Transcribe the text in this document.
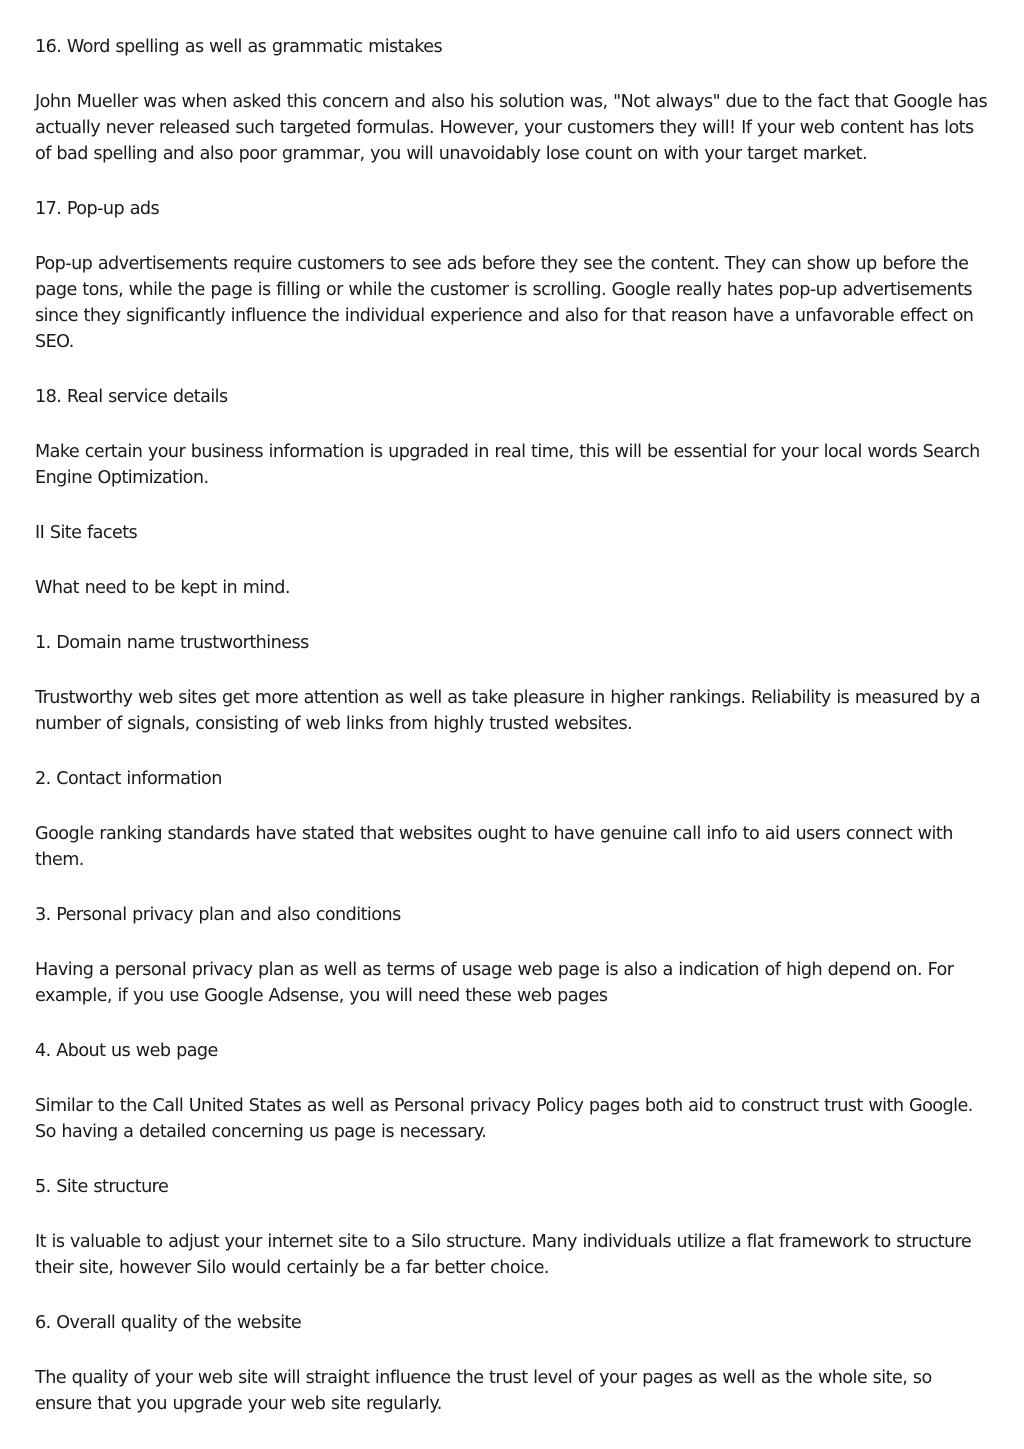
16. Word spelling as well as grammatic mistakes

John Mueller was when asked this concern and also his solution was, "Not always" due to the fact that Google has actually never released such targeted formulas. However, your customers they will! If your web content has lots of bad spelling and also poor grammar, you will unavoidably lose count on with your target market.

17. Pop-up ads

Pop-up advertisements require customers to see ads before they see the content. They can show up before the page tons, while the page is filling or while the customer is scrolling. Google really hates pop-up advertisements since they significantly influence the individual experience and also for that reason have a unfavorable effect on SEO.

18. Real service details

Make certain your business information is upgraded in real time, this will be essential for your local words Search Engine Optimization.

II Site facets

What need to be kept in mind.

1. Domain name trustworthiness

Trustworthy web sites get more attention as well as take pleasure in higher rankings. Reliability is measured by a number of signals, consisting of web links from highly trusted websites.

2. Contact information

Google ranking standards have stated that websites ought to have genuine call info to aid users connect with them.

3. Personal privacy plan and also conditions

Having a personal privacy plan as well as terms of usage web page is also a indication of high depend on. For example, if you use Google Adsense, you will need these web pages

4. About us web page

Similar to the Call United States as well as Personal privacy Policy pages both aid to construct trust with Google. So having a detailed concerning us page is necessary.

5. Site structure

It is valuable to adjust your internet site to a Silo structure. Many individuals utilize a flat framework to structure their site, however Silo would certainly be a far better choice.

6. Overall quality of the website

The quality of your web site will straight influence the trust level of your pages as well as the whole site, so ensure that you upgrade your web site regularly.
